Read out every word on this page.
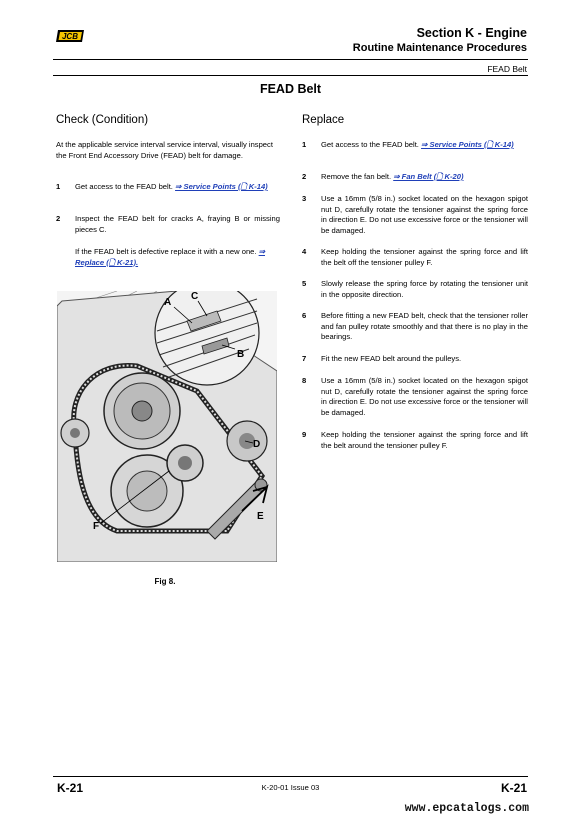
JCB	Section K - Engine
Routine Maintenance Procedures
FEAD Belt
FEAD Belt
Check (Condition)
At the applicable service interval service interval, visually inspect the Front End Accessory Drive (FEAD) belt for damage.
1 Get access to the FEAD belt. ⇒ Service Points (🗋 K-14)
2 Inspect the FEAD belt for cracks A, fraying B or missing pieces C.
If the FEAD belt is defective replace it with a new one. ⇒ Replace (🗋 K-21).
A
C
B
D
E
F
Fig 8.
Replace
1 Get access to the FEAD belt. ⇒ Service Points (🗋 K-14)
2 Remove the fan belt. ⇒ Fan Belt (🗋 K-20)
3 Use a 16mm (5/8 in.) socket located on the hexagon spigot nut D, carefully rotate the tensioner against the spring force in direction E. Do not use excessive force or the tensioner will be damaged.
4 Keep holding the tensioner against the spring force and lift the belt off the tensioner pulley F.
5 Slowly release the spring force by rotating the tensioner unit in the opposite direction.
6 Before fitting a new FEAD belt, check that the tensioner roller and fan pulley rotate smoothly and that there is no play in the bearings.
7 Fit the new FEAD belt around the pulleys.
8 Use a 16mm (5/8 in.) socket located on the hexagon spigot nut D, carefully rotate the tensioner against the spring force in direction E. Do not use excessive force or the tensioner will be damaged.
9 Keep holding the tensioner against the spring force and lift the belt around the tensioner pulley F.
K-21	K-20-01 Issue 03	K-21
www.epcatalogs.com
